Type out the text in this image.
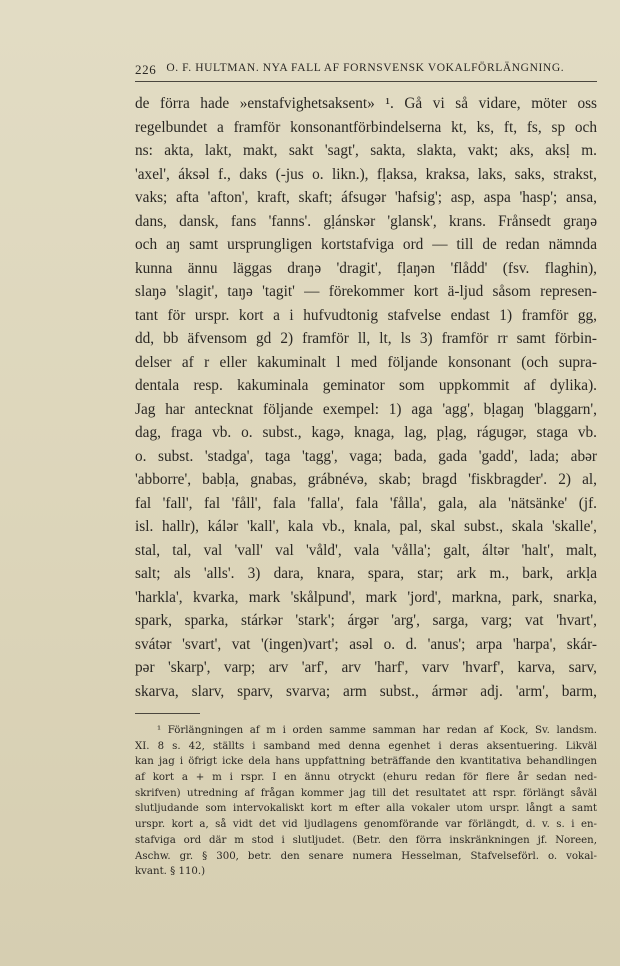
226 O. F. HULTMAN. NYA FALL AF FORNSVENSK VOKALFÖRLÄNGNING.
de förra hade »enstafvighetsaksent» ¹. Gå vi så vidare, möter oss
regelbundet a framför konsonantförbindelserna kt, ks, ft, fs, sp och
ns: akta, lakt, makt, sakt 'sagt', sakta, slakta, vakt; aks, aksḷ m.
'axel', áksəl f., daks (-jus o. likn.), fḷaksa, kraksa, laks, saks, strakst,
vaks; afta 'afton', kraft, skaft; áfsugər 'hafsig'; asp, aspa 'hasp'; ansa,
dans, dansk, fans 'fanns'. gḷánskər 'glansk', krans. Frånsedt graŋə
och aŋ samt ursprungligen kortstafviga ord — till de redan nämnda
kunna ännu läggas draŋə 'dragit', fḷaŋən 'flådd' (fsv. flaghin),
slaŋə 'slagit', taŋə 'tagit' — förekommer kort ä-ljud såsom represen-
tant för urspr. kort a i hufvudtonig stafvelse endast 1) framför gg,
dd, bb äfvensom gd 2) framför ll, lt, ls 3) framför rr samt förbin-
delser af r eller kakuminalt l med följande konsonant (och supra-
dentala resp. kakuminala geminator som uppkommit af dylika).
Jag har antecknat följande exempel: 1) aga 'agg', bḷagaŋ 'blaggarn',
dag, fraga vb. o. subst., kagə, knaga, lag, pḷag, rágugər, staga vb.
o. subst. 'stadga', taga 'tagg', vaga; bada, gada 'gadd', lada; abər
'abborre', babḷa, gnabas, grábnévə, skab; bragd 'fiskbragder'. 2) al,
fal 'fall', fal 'fåll', fala 'falla', fala 'fålla', gala, ala 'nätsänke' (jf.
isl. hallr), kálər 'kall', kala vb., knala, pal, skal subst., skala 'skalle',
stal, tal, val 'vall' val 'våld', vala 'vålla'; galt, áltər 'halt', malt,
salt; als 'alls'. 3) dara, knara, spara, star; ark m., bark, arkḷa
'harkla', kvarka, mark 'skålpund', mark 'jord', markna, park, snarka,
spark, sparka, stárkər 'stark'; árgər 'arg', sarga, varg; vat 'hvart',
svátər 'svart', vat '(ingen)vart'; asəl o. d. 'anus'; arpa 'harpa', skár-
pər 'skarp', varp; arv 'arf', arv 'harf', varv 'hvarf', karva, sarv,
skarva, slarv, sparv, svarva; arm subst., ármər adj. 'arm', barm,
¹ Förlängningen af m i orden samme samman har redan af Kock, Sv. landsm.
XI. 8 s. 42, ställts i samband med denna egenhet i deras aksentuering. Likväl
kan jag i öfrigt icke dela hans uppfattning beträffande den kvantitativa behandlingen
af kort a + m i rspr. I en ännu otryckt (ehuru redan för flere år sedan ned-
skrifven) utredning af frågan kommer jag till det resultatet att rspr. förlängt såväl
slutljudande som intervokaliskt kort m efter alla vokaler utom urspr. långt a samt
urspr. kort a, så vidt det vid ljudlagens genomförande var förlängdt, d. v. s. i en-
stafviga ord där m stod i slutljudet. (Betr. den förra inskränkningen jf. Noreen,
Aschw. gr. § 300, betr. den senare numera Hesselman, Stafvelseförl. o. vokal-
kvant. § 110.)
